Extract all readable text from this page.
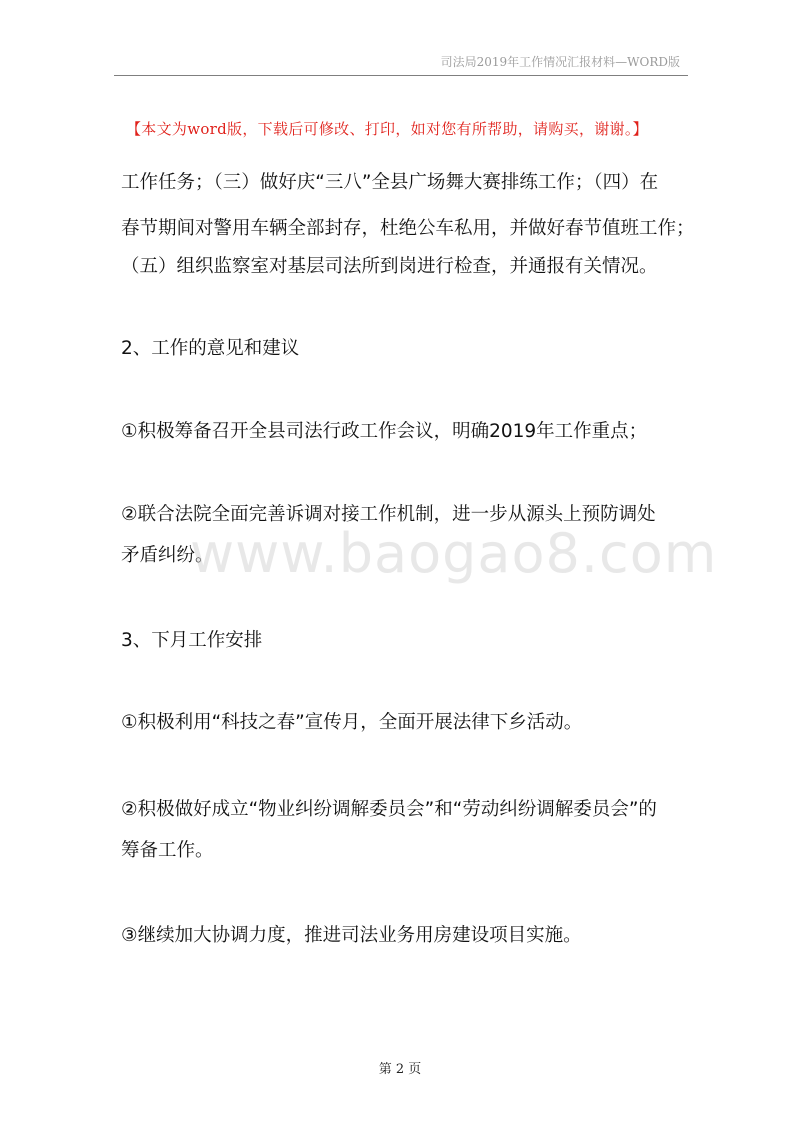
司法局2019年工作情况汇报材料—WORD版
【本文为word版，下载后可修改、打印，如对您有所帮助，请购买，谢谢。】
工作任务；（三）做好庆“三八”全县广场舞大赛排练工作；（四）在
春节期间对警用车辆全部封存，杜绝公车私用，并做好春节值班工作；
（五）组织监察室对基层司法所到岗进行检查，并通报有关情况。
2、工作的意见和建议
①积极筹备召开全县司法行政工作会议，明确2019年工作重点；
②联合法院全面完善诉调对接工作机制，进一步从源头上预防调处
矛盾纠纷。
www.baogao8.com
3、下月工作安排
①积极利用“科技之春”宣传月，全面开展法律下乡活动。
②积极做好成立“物业纠纷调解委员会”和“劳动纠纷调解委员会”的
筹备工作。
③继续加大协调力度，推进司法业务用房建设项目实施。
第 2 页
